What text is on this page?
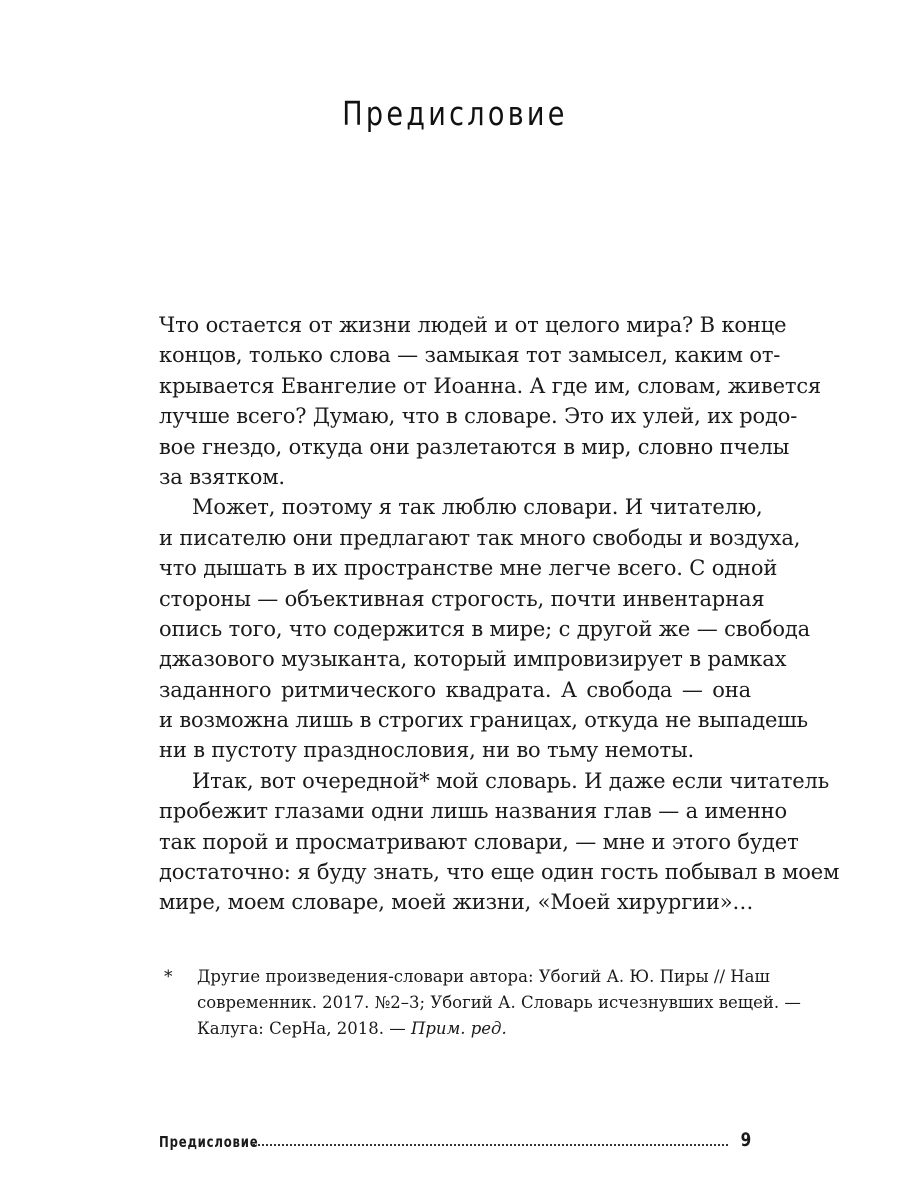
Предисловие
Что остается от жизни людей и от целого мира? В конце
концов, только слова — замыкая тот замысел, каким от-
крывается Евангелие от Иоанна. А где им, словам, живется
лучше всего? Думаю, что в словаре. Это их улей, их родо-
вое гнездо, откуда они разлетаются в мир, словно пчелы
за взятком.
Может, поэтому я так люблю словари. И читателю,
и писателю они предлагают так много свободы и воздуха,
что дышать в их пространстве мне легче всего. С одной
стороны — объективная строгость, почти инвентарная
опись того, что содержится в мире; с другой же — свобода
джазового музыканта, который импровизирует в рамках
заданного ритмического квадрата. А свобода — она
и возможна лишь в строгих границах, откуда не выпадешь
ни в пустоту празднословия, ни во тьму немоты.
Итак, вот очередной* мой словарь. И даже если читатель
пробежит глазами одни лишь названия глав — а именно
так порой и просматривают словари, — мне и этого будет
достаточно: я буду знать, что еще один гость побывал в моем
мире, моем словаре, моей жизни, «Моей хирургии»…
* Другие произведения-словари автора: Убогий А. Ю. Пиры // Наш
современник. 2017. №2–3; Убогий А. Словарь исчезнувших вещей. —
Калуга: СерНа, 2018. — Прим. ред.
Предисловие	9
